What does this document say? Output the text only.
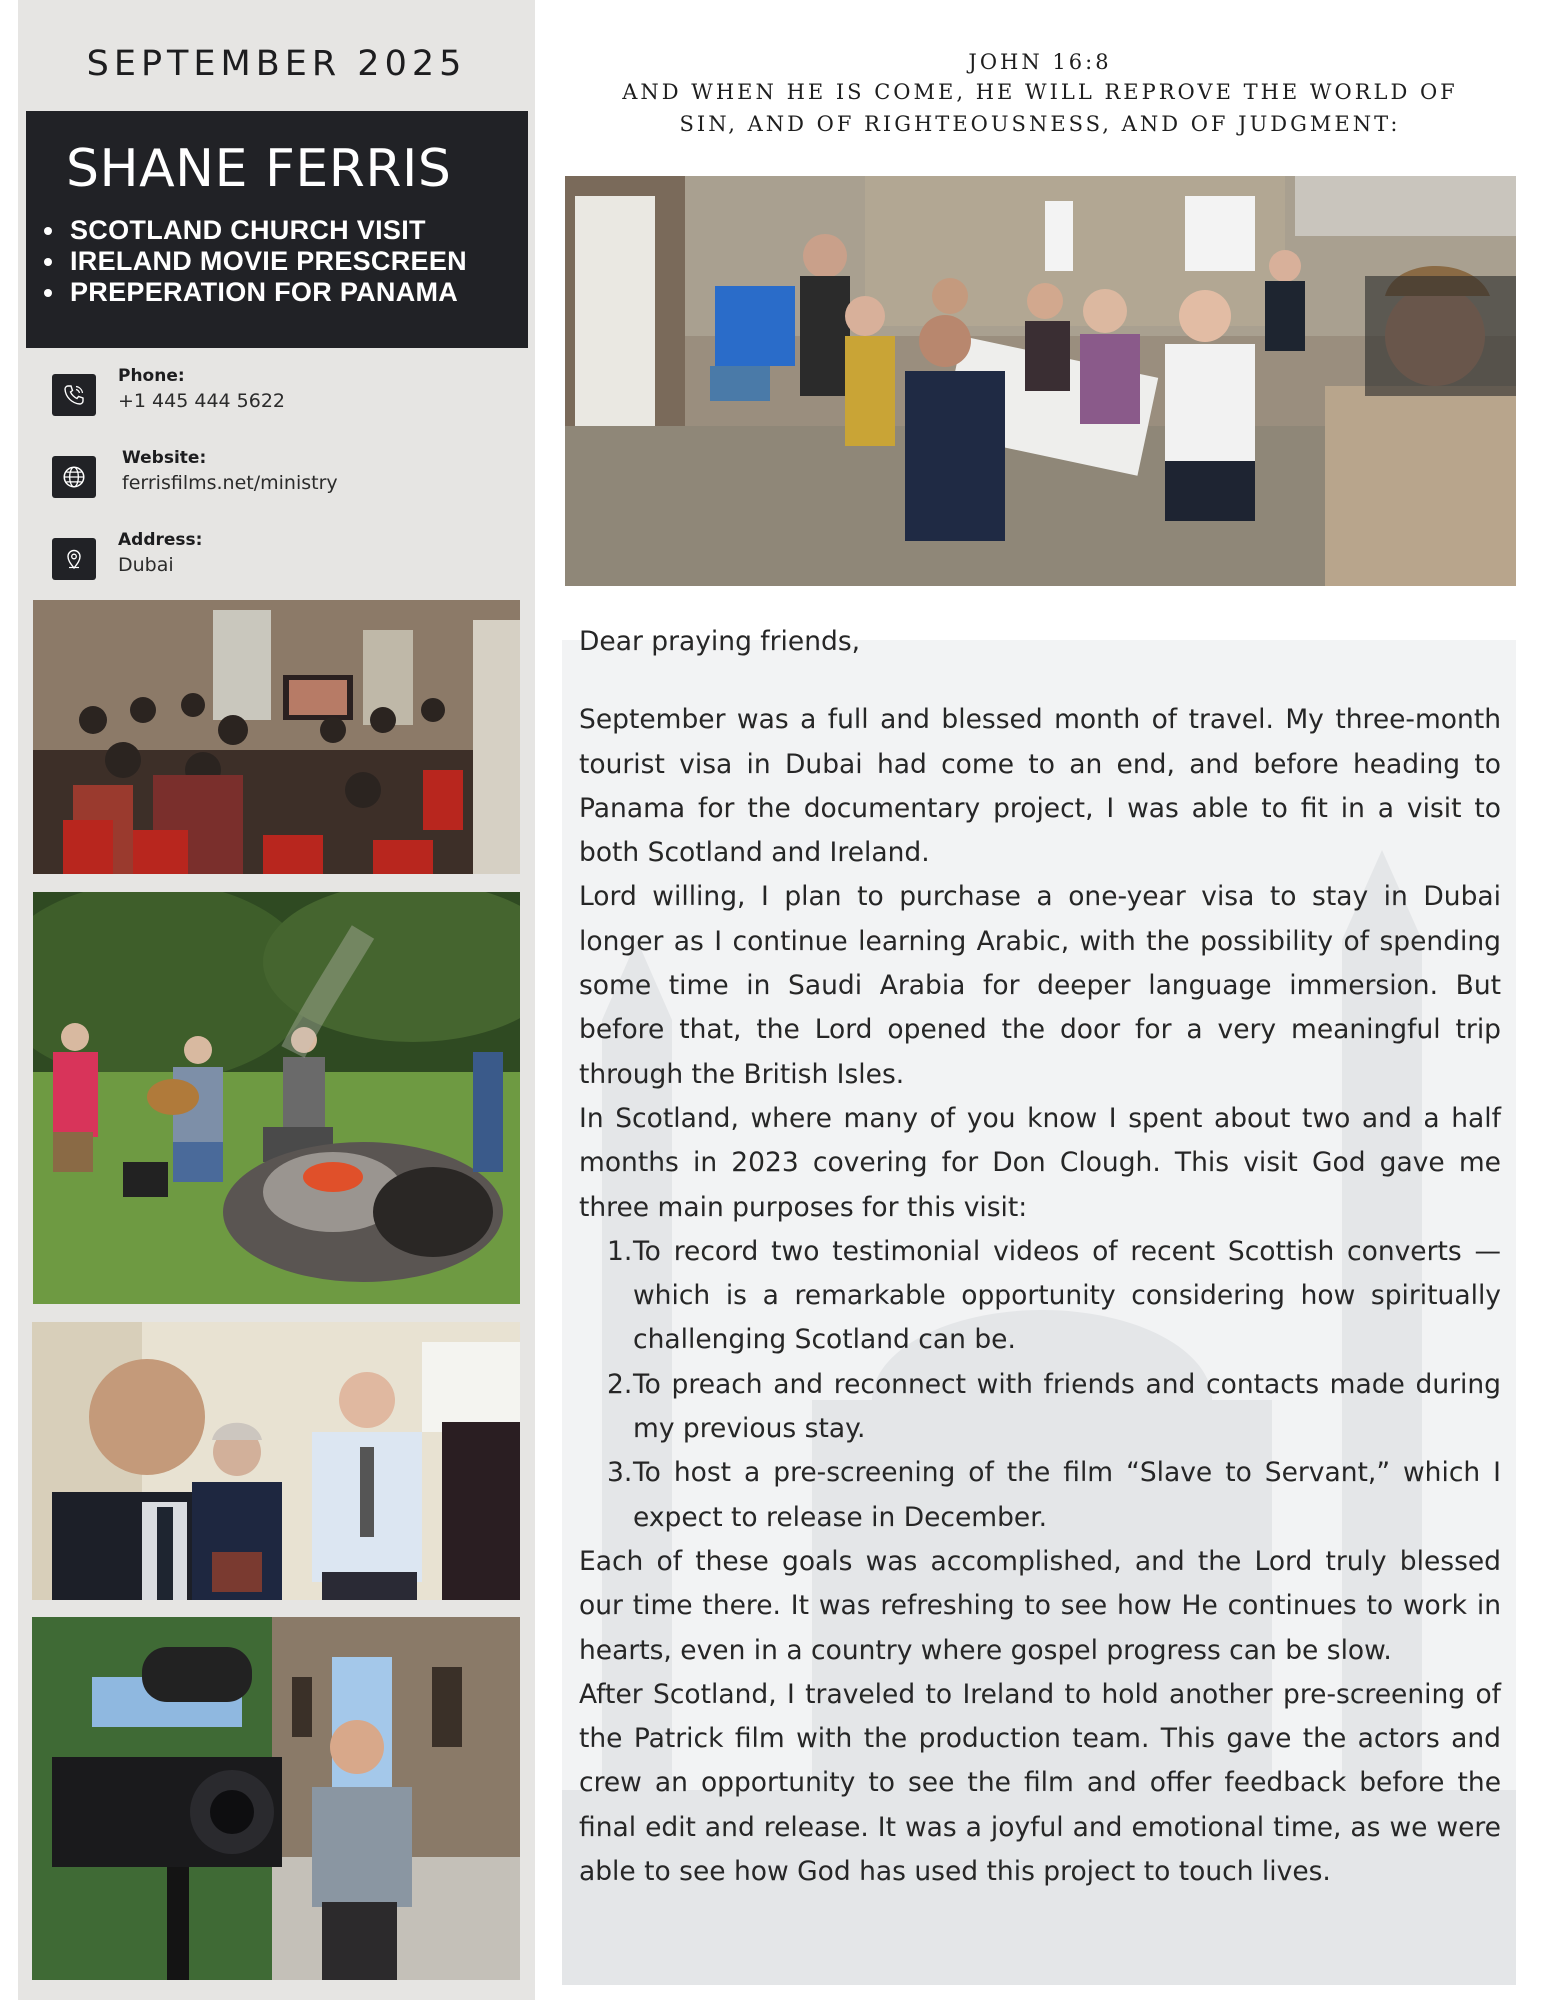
SEPTEMBER 2025
SHANE FERRIS
SCOTLAND CHURCH VISIT
IRELAND MOVIE PRESCREEN
PREPERATION FOR PANAMA
Phone:
+1 445 444 5622
Website:
ferrisfilms.net/ministry
Address:
Dubai
JOHN 16:8
AND WHEN HE IS COME, HE WILL REPROVE THE WORLD OF
SIN, AND OF RIGHTEOUSNESS, AND OF JUDGMENT:

Dear praying friends,

September was a full and blessed month of travel. My three-month tourist visa in Dubai had come to an end, and before heading to Panama for the documentary project, I was able to fit in a visit to both Scotland and Ireland.

Lord willing, I plan to purchase a one-year visa to stay in Dubai longer as I continue learning Arabic, with the possibility of spending some time in Saudi Arabia for deeper language immersion. But before that, the Lord opened the door for a very meaningful trip through the British Isles.

In Scotland, where many of you know I spent about two and a half months in 2023 covering for Don Clough. This visit God gave me three main purposes for this visit:

1. To record two testimonial videos of recent Scottish converts — which is a remarkable opportunity considering how spiritually challenging Scotland can be.
2. To preach and reconnect with friends and contacts made during my previous stay.
3. To host a pre-screening of the film “Slave to Servant,” which I expect to release in December.

Each of these goals was accomplished, and the Lord truly blessed our time there. It was refreshing to see how He continues to work in hearts, even in a country where gospel progress can be slow.

After Scotland, I traveled to Ireland to hold another pre-screening of the Patrick film with the production team. This gave the actors and crew an opportunity to see the film and offer feedback before the final edit and release. It was a joyful and emotional time, as we were able to see how God has used this project to touch lives.
